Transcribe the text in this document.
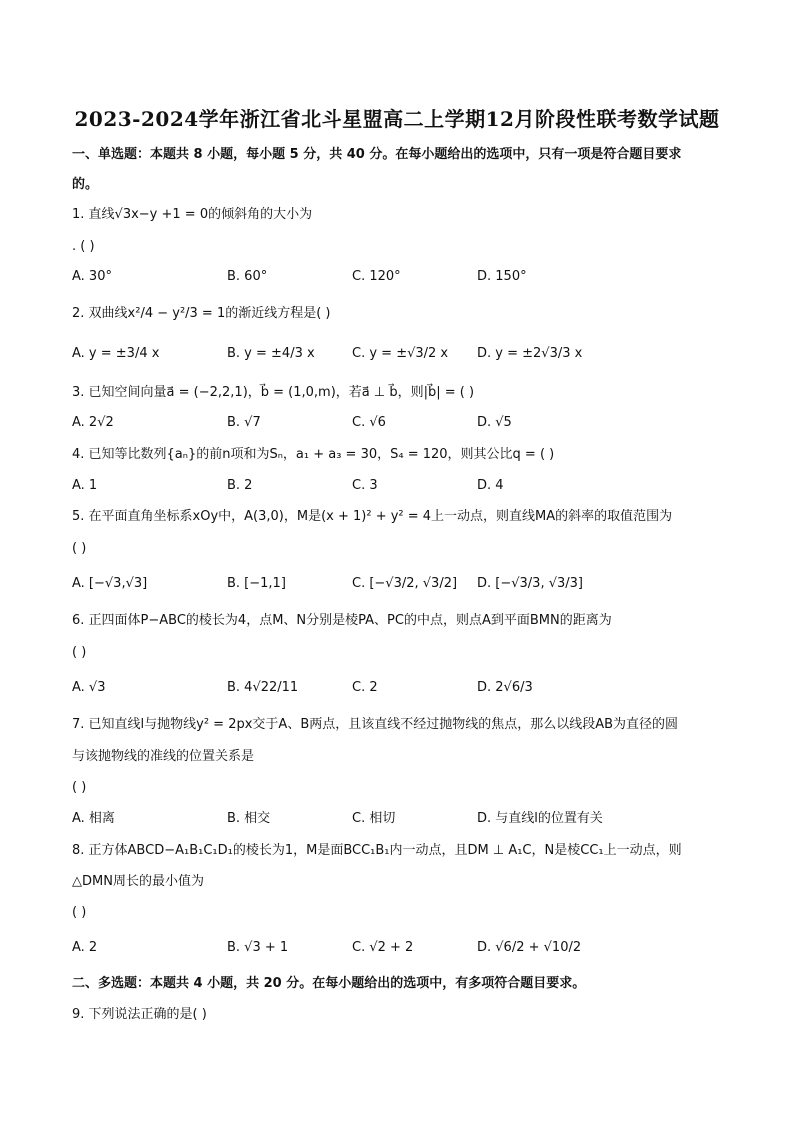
2023-2024学年浙江省北斗星盟高二上学期12月阶段性联考数学试题
一、单选题：本题共 8 小题，每小题 5 分，共 40 分。在每小题给出的选项中，只有一项是符合题目要求
的。
1. 直线√3x−y +1 = 0的倾斜角的大小为
. ( )
A. 30°	B. 60°	C. 120°	D. 150°
2. 双曲线x²/4 − y²/3 = 1的渐近线方程是( )
A. y = ±3/4 x	B. y = ±4/3 x	C. y = ±√3/2 x D. y = ±2√3/3 x
3. 已知空间向量a⃗ = (−2,2,1)，b⃗ = (1,0,m)，若a⃗ ⊥ b⃗，则|b⃗| = ( )
A. 2√2	B. √7	C. √6	D. √5
4. 已知等比数列{aₙ}的前n项和为Sₙ，a₁ + a₃ = 30，S₄ = 120，则其公比q = ( )
A. 1	B. 2	C. 3	D. 4
5. 在平面直角坐标系xOy中，A(3,0)，M是(x + 1)² + y² = 4上一动点，则直线MA的斜率的取值范围为
( )
A. [−√3,√3]	B. [−1,1]	C. [−√3/2, √3/2] D. [−√3/3, √3/3]
6. 正四面体P−ABC的棱长为4，点M、N分别是棱PA、PC的中点，则点A到平面BMN的距离为
( )
A. √3	B. 4√22/11	C. 2	D. 2√6/3
7. 已知直线l与抛物线y² = 2px交于A、B两点，且该直线不经过抛物线的焦点，那么以线段AB为直径的圆
与该抛物线的准线的位置关系是
( )
A. 相离	B. 相交	C. 相切	D. 与直线l的位置有关
8. 正方体ABCD−A₁B₁C₁D₁的棱长为1，M是面BCC₁B₁内一动点，且DM ⊥ A₁C，N是棱CC₁上一动点，则
△DMN周长的最小值为
( )
A. 2	B. √3 + 1	C. √2 + 2	D. √6/2 + √10/2
二、多选题：本题共 4 小题，共 20 分。在每小题给出的选项中，有多项符合题目要求。
9. 下列说法正确的是( )
